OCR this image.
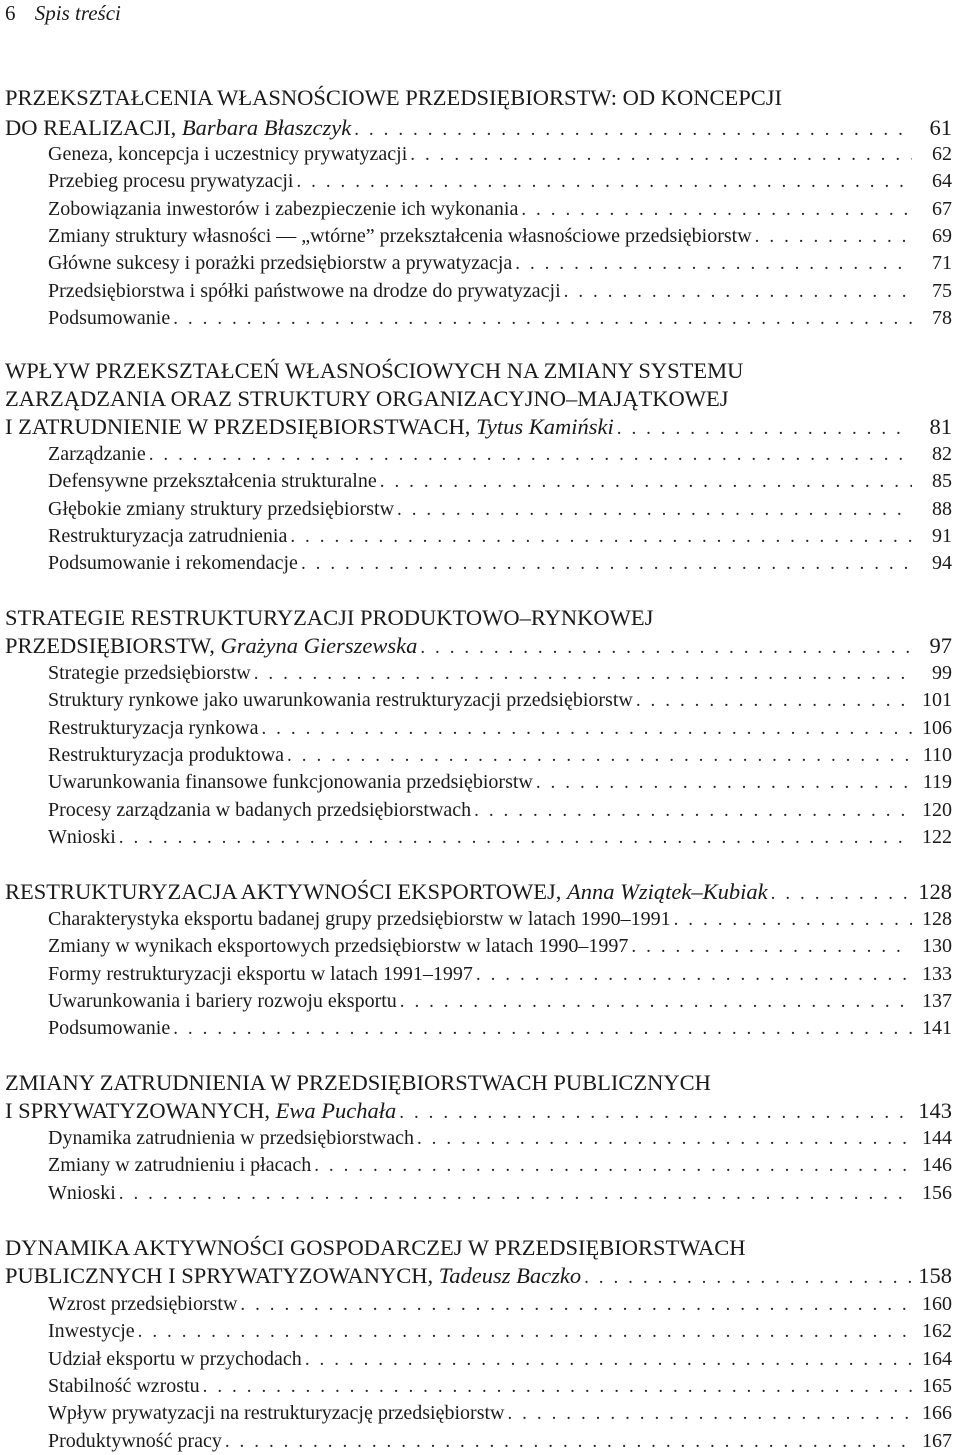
6 Spis treści
PRZEKSZTAŁCENIA WŁASNOŚCIOWE PRZEDSIĘBIORSTW: OD KONCEPCJI
DO REALIZACJI, Barbara Błaszczyk . . .	61
Geneza, koncepcja i uczestnicy prywatyzacji . . .	62
Przebieg procesu prywatyzacji . . .	64
Zobowiązania inwestorów i zabezpieczenie ich wykonania . . .	67
Zmiany struktury własności — „wtórne” przekształcenia własnościowe przedsiębiorstw . . .	69
Główne sukcesy i porażki przedsiębiorstw a prywatyzacja . . .	71
Przedsiębiorstwa i spółki państwowe na drodze do prywatyzacji . . .	75
Podsumowanie . . .	78
WPŁYW PRZEKSZTAŁCEŃ WŁASNOŚCIOWYCH NA ZMIANY SYSTEMU
ZARZĄDZANIA ORAZ STRUKTURY ORGANIZACYJNO–MAJĄTKOWEJ
I ZATRUDNIENIE W PRZEDSIĘBIORSTWACH, Tytus Kamiński . . .	81
Zarządzanie . . .	82
Defensywne przekształcenia strukturalne . . .	85
Głębokie zmiany struktury przedsiębiorstw . . .	88
Restrukturyzacja zatrudnienia . . .	91
Podsumowanie i rekomendacje . . .	94
STRATEGIE RESTRUKTURYZACJI PRODUKTOWO–RYNKOWEJ
PRZEDSIĘBIORSTW, Grażyna Gierszewska . . .	97
Strategie przedsiębiorstw . . .	99
Struktury rynkowe jako uwarunkowania restrukturyzacji przedsiębiorstw . . .	101
Restrukturyzacja rynkowa . . .	106
Restrukturyzacja produktowa . . .	110
Uwarunkowania finansowe funkcjonowania przedsiębiorstw . . .	119
Procesy zarządzania w badanych przedsiębiorstwach . . .	120
Wnioski . . .	122
RESTRUKTURYZACJA AKTYWNOŚCI EKSPORTOWEJ, Anna Wziątek–Kubiak . . .	128
Charakterystyka eksportu badanej grupy przedsiębiorstw w latach 1990–1991 . . .	128
Zmiany w wynikach eksportowych przedsiębiorstw w latach 1990–1997 . . .	130
Formy restrukturyzacji eksportu w latach 1991–1997 . . .	133
Uwarunkowania i bariery rozwoju eksportu . . .	137
Podsumowanie . . .	141
ZMIANY ZATRUDNIENIA W PRZEDSIĘBIORSTWACH PUBLICZNYCH
I SPRYWATYZOWANYCH, Ewa Puchała . . .	143
Dynamika zatrudnienia w przedsiębiorstwach . . .	144
Zmiany w zatrudnieniu i płacach . . .	146
Wnioski . . .	156
DYNAMIKA AKTYWNOŚCI GOSPODARCZEJ W PRZEDSIĘBIORSTWACH
PUBLICZNYCH I SPRYWATYZOWANYCH, Tadeusz Baczko . . .	158
Wzrost przedsiębiorstw . . .	160
Inwestycje . . .	162
Udział eksportu w przychodach . . .	164
Stabilność wzrostu . . .	165
Wpływ prywatyzacji na restrukturyzację przedsiębiorstw . . .	166
Produktywność pracy . . .	167
